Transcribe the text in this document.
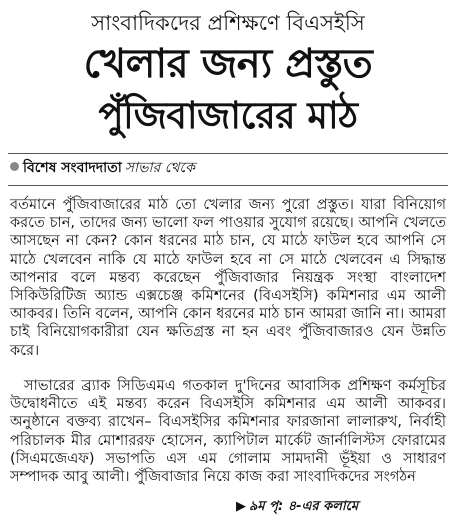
সাংবাদিকদের প্রশিক্ষণে বিএসইসি
খেলার জন্য প্রস্তুত
পুঁজিবাজারের মাঠ
বিশেষ সংবাদদাতা সাভার থেকে
বর্তমানে পুঁজিবাজারের মাঠ তো খেলার জন্য পুরো প্রস্তুত। যারা বিনিয়োগ করতে চান, তাদের জন্য ভালো ফল পাওয়ার সুযোগ রয়েছে। আপনি খেলতে আসছেন না কেন? কোন ধরনের মাঠ চান, যে মাঠে ফাউল হবে আপনি সে মাঠে খেলবেন নাকি যে মাঠে ফাউল হবে না সে মাঠে খেলবেন এ সিদ্ধান্ত আপনার বলে মন্তব্য করেছেন পুঁজিবাজার নিয়ন্ত্রক সংস্থা বাংলাদেশ সিকিউরিটিজ অ্যান্ড এক্সচেঞ্জ কমিশনের (বিএসইসি) কমিশনার এম আলী আকবর। তিনি বলেন, আপনি কোন ধরনের মাঠ চান আমরা জানি না। আমরা চাই বিনিয়োগকারীরা যেন ক্ষতিগ্রস্ত না হন এবং পুঁজিবাজারও যেন উন্নতি করে।
সাভারের ব্র্যাক সিডিএমএ গতকাল দু'দিনের আবাসিক প্রশিক্ষণ কর্মসূচির উদ্বোধনীতে এই মন্তব্য করেন বিএসইসি কমিশনার এম আলী আকবর। অনুষ্ঠানে বক্তব্য রাখেন– বিএসইসির কমিশনার ফারজানা লালারুখ, নির্বাহী পরিচালক মীর মোশাররফ হোসেন, ক্যাপিটাল মার্কেট জার্নালিস্টস ফোরামের (সিএমজেএফ) সভাপতি এস এম গোলাম সামদানী ভূঁইয়া ও সাধারণ সম্পাদক আবু আলী। পুঁজিবাজার নিয়ে কাজ করা সাংবাদিকদের সংগঠন
▶ ৯ম পৃ: ৪-এর কলামে
